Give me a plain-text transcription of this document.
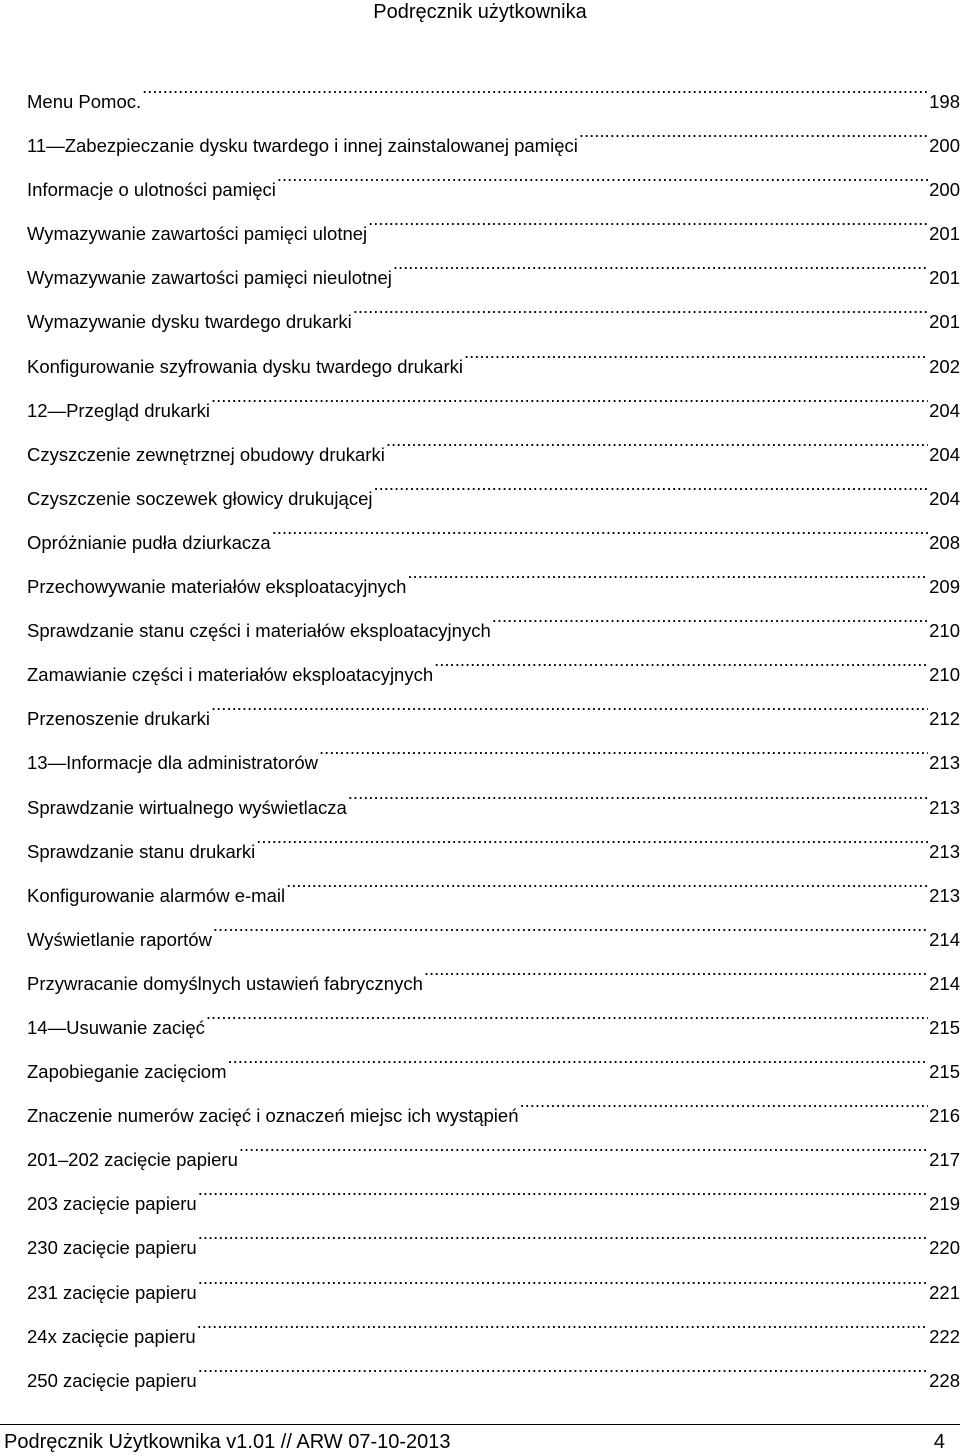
Podręcznik użytkownika
Menu Pomoc. .....	198
11—Zabezpieczanie dysku twardego i innej zainstalowanej pamięci .....	200
Informacje o ulotności pamięci .....	200
Wymazywanie zawartości pamięci ulotnej .....	201
Wymazywanie zawartości pamięci nieulotnej .....	201
Wymazywanie dysku twardego drukarki .....	201
Konfigurowanie szyfrowania dysku twardego drukarki .....	202
12—Przegląd drukarki .....	204
Czyszczenie zewnętrznej obudowy drukarki .....	204
Czyszczenie soczewek głowicy drukującej .....	204
Opróżnianie pudła dziurkacza .....	208
Przechowywanie materiałów eksploatacyjnych .....	209
Sprawdzanie stanu części i materiałów eksploatacyjnych .....	210
Zamawianie części i materiałów eksploatacyjnych .....	210
Przenoszenie drukarki .....	212
13—Informacje dla administratorów .....	213
Sprawdzanie wirtualnego wyświetlacza .....	213
Sprawdzanie stanu drukarki .....	213
Konfigurowanie alarmów e-mail .....	213
Wyświetlanie raportów .....	214
Przywracanie domyślnych ustawień fabrycznych .....	214
14—Usuwanie zacięć .....	215
Zapobieganie zacięciom .....	215
Znaczenie numerów zacięć i oznaczeń miejsc ich wystąpień .....	216
201–202 zacięcie papieru .....	217
203 zacięcie papieru .....	219
230 zacięcie papieru .....	220
231 zacięcie papieru .....	221
24x zacięcie papieru .....	222
250 zacięcie papieru .....	228
Podręcznik Użytkownika v1.01 // ARW 07-10-2013	4
